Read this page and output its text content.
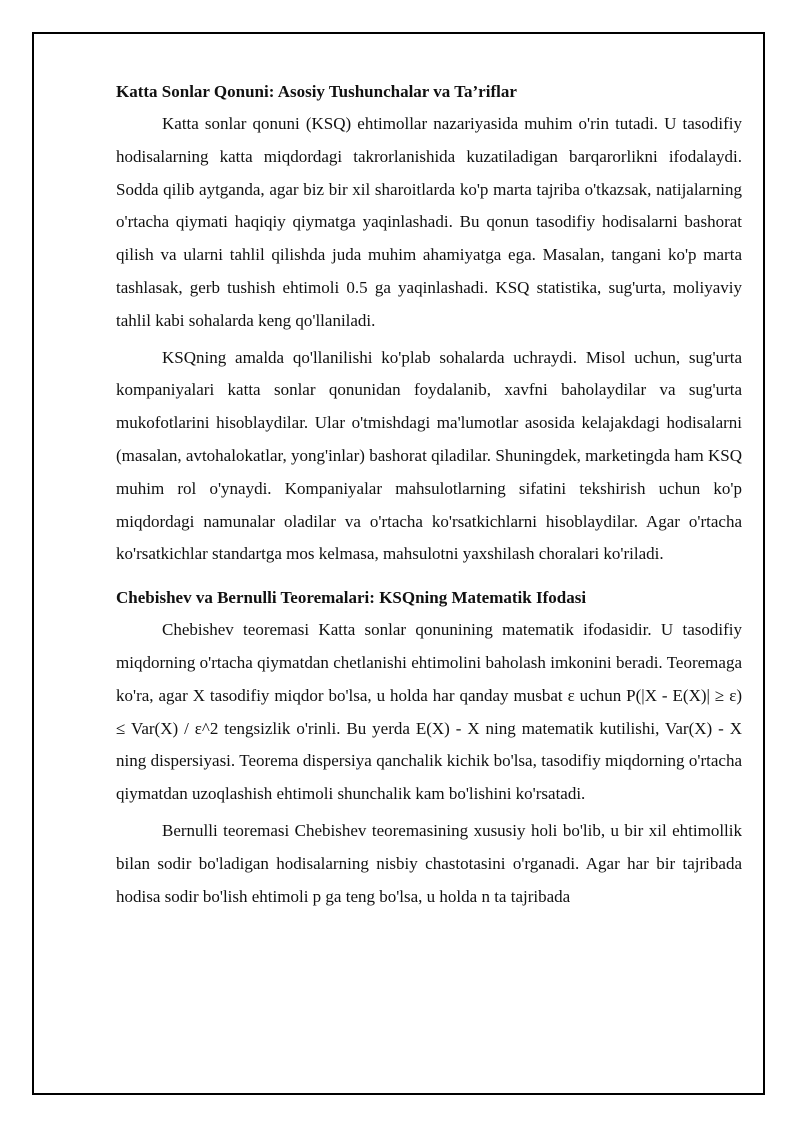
Katta Sonlar Qonuni: Asosiy Tushunchalar va Ta’riflar

Katta sonlar qonuni (KSQ) ehtimollar nazariyasida muhim o'rin tutadi. U tasodifiy hodisalarning katta miqdordagi takrorlanishida kuzatiladigan barqarorlikni ifodalaydi. Sodda qilib aytganda, agar biz bir xil sharoitlarda ko'p marta tajriba o'tkazsak, natijalarning o'rtacha qiymati haqiqiy qiymatga yaqinlashadi. Bu qonun tasodifiy hodisalarni bashorat qilish va ularni tahlil qilishda juda muhim ahamiyatga ega. Masalan, tangani ko'p marta tashlasak, gerb tushish ehtimoli 0.5 ga yaqinlashadi. KSQ statistika, sug'urta, moliyaviy tahlil kabi sohalarda keng qo'llaniladi.

KSQning amalda qo'llanilishi ko'plab sohalarda uchraydi. Misol uchun, sug'urta kompaniyalari katta sonlar qonunidan foydalanib, xavfni baholaydilar va sug'urta mukofotlarini hisoblaydilar. Ular o'tmishdagi ma'lumotlar asosida kelajakdagi hodisalarni (masalan, avtohalokatlar, yong'inlar) bashorat qiladilar. Shuningdek, marketingda ham KSQ muhim rol o'ynaydi. Kompaniyalar mahsulotlarning sifatini tekshirish uchun ko'p miqdordagi namunalar oladilar va o'rtacha ko'rsatkichlarni hisoblaydilar. Agar o'rtacha ko'rsatkichlar standartga mos kelmasa, mahsulotni yaxshilash choralari ko'riladi.

Chebishev va Bernulli Teoremalari: KSQning Matematik Ifodasi

Chebishev teoremasi Katta sonlar qonunining matematik ifodasidir. U tasodifiy miqdorning o'rtacha qiymatdan chetlanishi ehtimolini baholash imkonini beradi. Teoremaga ko'ra, agar X tasodifiy miqdor bo'lsa, u holda har qanday musbat ε uchun P(|X - E(X)| ≥ ε) ≤ Var(X) / ε^2 tengsizlik o'rinli. Bu yerda E(X) - X ning matematik kutilishi, Var(X) - X ning dispersiyasi. Teorema dispersiya qanchalik kichik bo'lsa, tasodifiy miqdorning o'rtacha qiymatdan uzoqlashish ehtimoli shunchalik kam bo'lishini ko'rsatadi.

Bernulli teoremasi Chebishev teoremasining xususiy holi bo'lib, u bir xil ehtimollik bilan sodir bo'ladigan hodisalarning nisbiy chastotasini o'rganadi. Agar har bir tajribada hodisa sodir bo'lish ehtimoli p ga teng bo'lsa, u holda n ta tajribada
